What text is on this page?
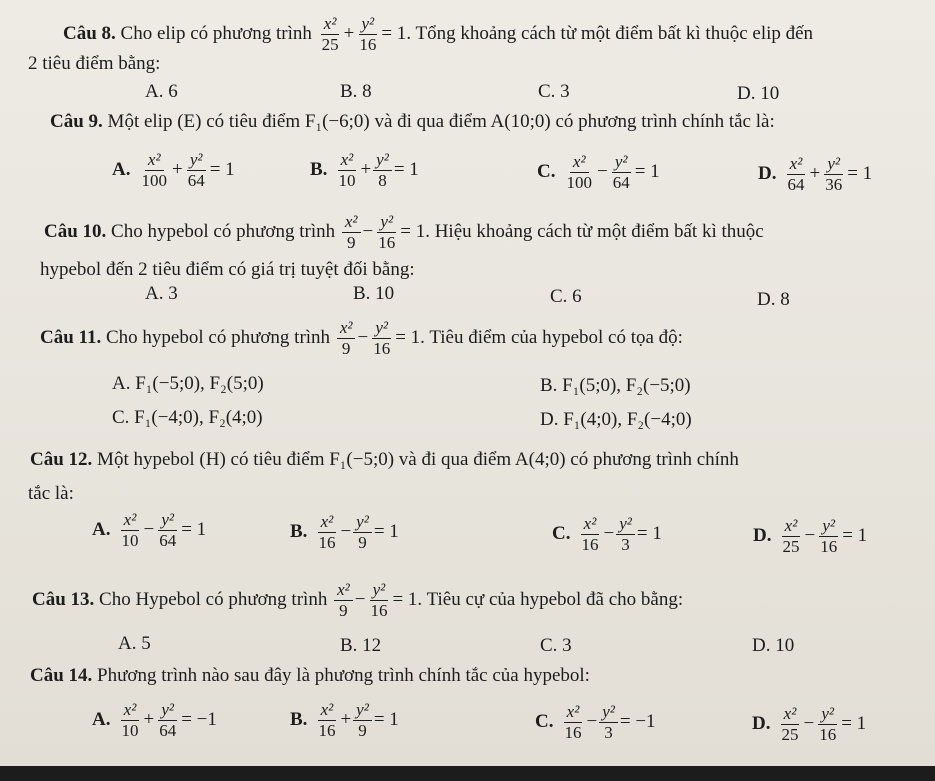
Câu 8. Cho elip có phương trình $\frac{\text{x²}}{25} + \frac{\text{y²}}{16} = 1$. Tổng khoảng cách từ một điểm bất kì thuộc elip đến
2 tiêu điểm bằng:
A. 6	B. 8	C. 3	D. 10
Câu 9. Một elip (E) có tiêu điểm F₁(−6;0) và đi qua điểm A(10;0) có phương trình chính tắc là:
A. $\frac{\text{x²}}{100} + \frac{\text{y²}}{64} = 1$	B. $\frac{\text{x²}}{10} + \frac{\text{y²}}{8} = 1$	C. $\frac{\text{x²}}{100} - \frac{\text{y²}}{64} = 1$	D. $\frac{\text{x²}}{64} + \frac{\text{y²}}{36} = 1$
Câu 10. Cho hypebol có phương trình $\frac{\text{x²}}{9} - \frac{\text{y²}}{16} = 1$. Hiệu khoảng cách từ một điểm bất kì thuộc
hypebol đến 2 tiêu điểm có giá trị tuyệt đối bằng:
A. 3	B. 10	C. 6	D. 8
Câu 11. Cho hypebol có phương trình $\frac{\text{x²}}{9} - \frac{\text{y²}}{16} = 1$. Tiêu điểm của hypebol có tọa độ:
A. F₁(−5;0), F₂(5;0)	B. F₁(5;0), F₂(−5;0)
C. F₁(−4;0), F₂(4;0)	D. F₁(4;0), F₂(−4;0)
Câu 12. Một hypebol (H) có tiêu điểm F₁(−5;0) và đi qua điểm A(4;0) có phương trình chính
tắc là:
A. $\frac{\text{x²}}{10} - \frac{\text{y²}}{64} = 1$	B. $\frac{\text{x²}}{16} - \frac{\text{y²}}{9} = 1$	C. $\frac{\text{x²}}{16} - \frac{\text{y²}}{3} = 1$	D. $\frac{\text{x²}}{25} - \frac{\text{y²}}{16} = 1$
Câu 13. Cho Hypebol có phương trình $\frac{\text{x²}}{9} - \frac{\text{y²}}{16} = 1$. Tiêu cự của hypebol đã cho bằng:
A. 5	B. 12	C. 3	D. 10
Câu 14. Phương trình nào sau đây là phương trình chính tắc của hypebol:
A. $\frac{\text{x²}}{10} + \frac{\text{y²}}{64} = -1$	B. $\frac{\text{x²}}{16} + \frac{\text{y²}}{9} = 1$	C. $\frac{\text{x²}}{16} - \frac{\text{y²}}{3} = -1$	D. $\frac{\text{x²}}{25} - \frac{\text{y²}}{16} = 1$
